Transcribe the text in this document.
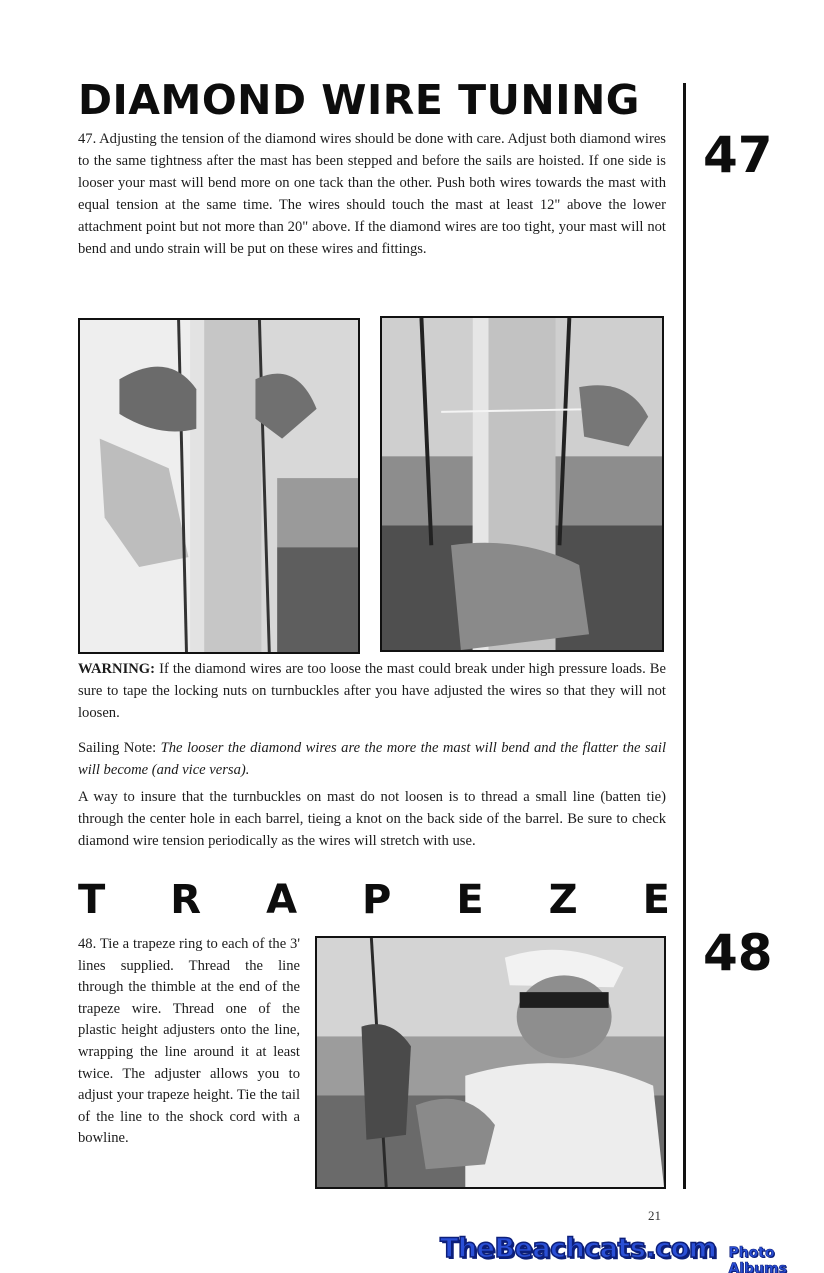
DIAMOND WIRE TUNING
47

47. Adjusting the tension of the diamond wires should be done with care. Adjust both diamond wires to the same tightness after the mast has been stepped and before the sails are hoisted. If one side is looser your mast will bend more on one tack than the other. Push both wires towards the mast with equal tension at the same time. The wires should touch the mast at least 12" above the lower attachment point but not more than 20" above. If the diamond wires are too tight, your mast will not bend and undo strain will be put on these wires and fittings.

WARNING: If the diamond wires are too loose the mast could break under high pressure loads. Be sure to tape the locking nuts on turnbuckles after you have adjusted the wires so that they will not loosen.

Sailing Note: The looser the diamond wires are the more the mast will bend and the flatter the sail will become (and vice versa).

A way to insure that the turnbuckles on mast do not loosen is to thread a small line (batten tie) through the center hole in each barrel, tieing a knot on the back side of the barrel. Be sure to check diamond wire tension periodically as the wires will stretch with use.

T R A P E Z E
48

48. Tie a trapeze ring to each of the 3' lines supplied. Thread the line through the thimble at the end of the trapeze wire. Thread one of the plastic height adjusters onto the line, wrapping the line around it at least twice. The adjuster allows you to adjust your trapeze height. Tie the tail of the line to the shock cord with a bowline.

21
TheBeachcats.com Photo Albums
